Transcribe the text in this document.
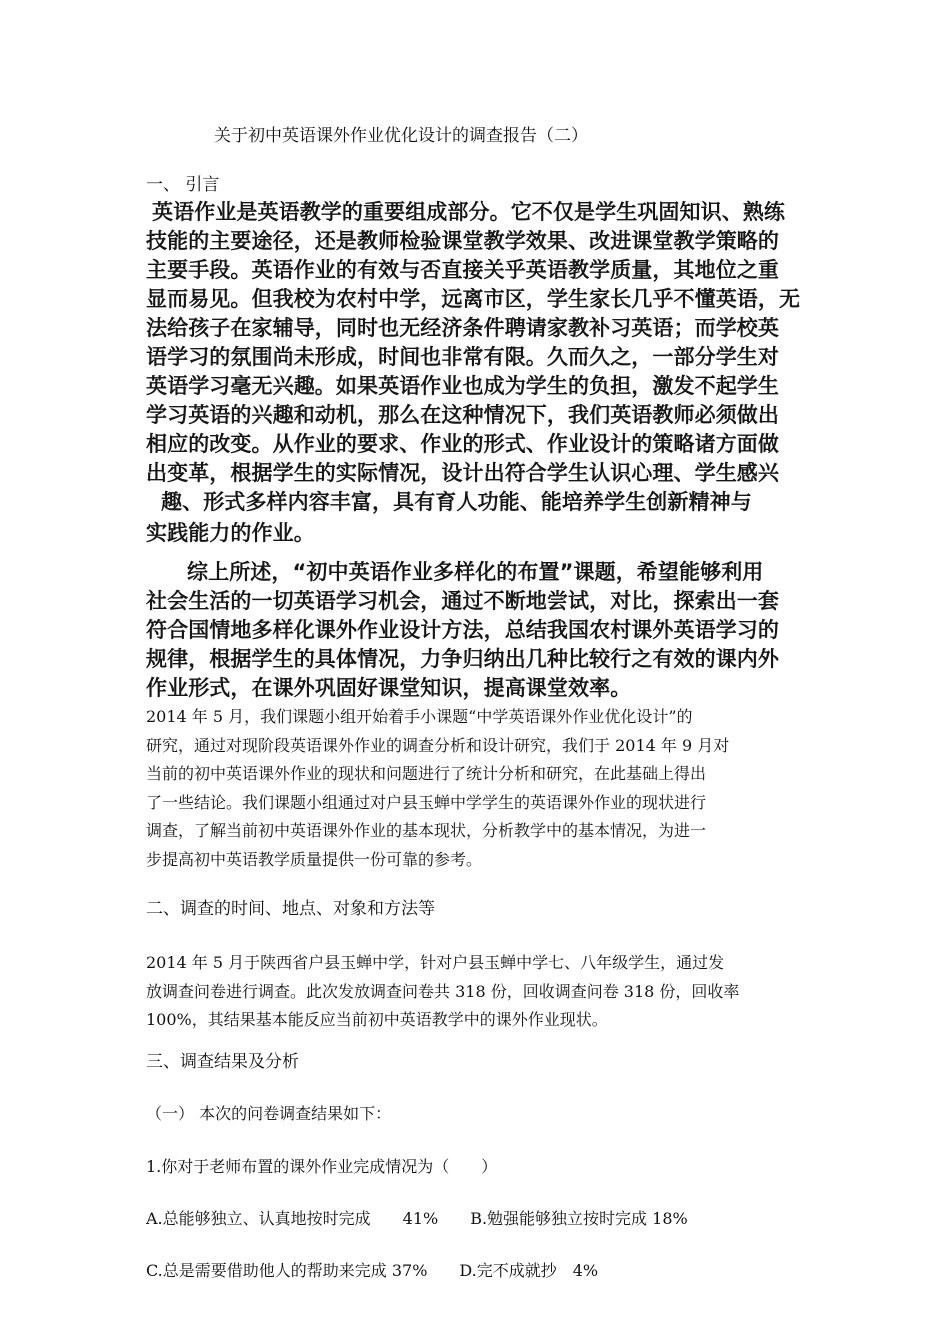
关于初中英语课外作业优化设计的调查报告（二）
一、 引言
英语作业是英语教学的重要组成部分。它不仅是学生巩固知识、熟练
技能的主要途径，还是教师检验课堂教学效果、改进课堂教学策略的
主要手段。英语作业的有效与否直接关乎英语教学质量，其地位之重
显而易见。但我校为农村中学，远离市区，学生家长几乎不懂英语，无
法给孩子在家辅导，同时也无经济条件聘请家教补习英语；而学校英
语学习的氛围尚未形成，时间也非常有限。久而久之，一部分学生对
英语学习毫无兴趣。如果英语作业也成为学生的负担，激发不起学生
学习英语的兴趣和动机，那么在这种情况下，我们英语教师必须做出
相应的改变。从作业的要求、作业的形式、作业设计的策略诸方面做
出变革，根据学生的实际情况，设计出符合学生认识心理、学生感兴
趣、形式多样内容丰富，具有育人功能、能培养学生创新精神与
实践能力的作业。
综上所述，“初中英语作业多样化的布置”课题，希望能够利用
社会生活的一切英语学习机会，通过不断地尝试，对比，探索出一套
符合国情地多样化课外作业设计方法，总结我国农村课外英语学习的
规律，根据学生的具体情况，力争归纳出几种比较行之有效的课内外
作业形式，在课外巩固好课堂知识，提高课堂效率。
2014 年 5 月，我们课题小组开始着手小课题“中学英语课外作业优化设计”的
研究，通过对现阶段英语课外作业的调查分析和设计研究，我们于 2014 年 9 月对
当前的初中英语课外作业的现状和问题进行了统计分析和研究，在此基础上得出
了一些结论。我们课题小组通过对户县玉蝉中学学生的英语课外作业的现状进行
调查，了解当前初中英语课外作业的基本现状，分析教学中的基本情况，为进一
步提高初中英语教学质量提供一份可靠的参考。
二、调查的时间、地点、对象和方法等
2014 年 5 月于陕西省户县玉蝉中学，针对户县玉蝉中学七、八年级学生，通过发
放调查问卷进行调查。此次发放调查问卷共 318 份，回收调查问卷 318 份，回收率
100%，其结果基本能反应当前初中英语教学中的课外作业现状。
三、调查结果及分析
（一） 本次的问卷调查结果如下：
1.你对于老师布置的课外作业完成情况为（　　）
A.总能够独立、认真地按时完成　　41%　　B.勉强能够独立按时完成 18%
C.总是需要借助他人的帮助来完成 37%　　D.完不成就抄　4%
